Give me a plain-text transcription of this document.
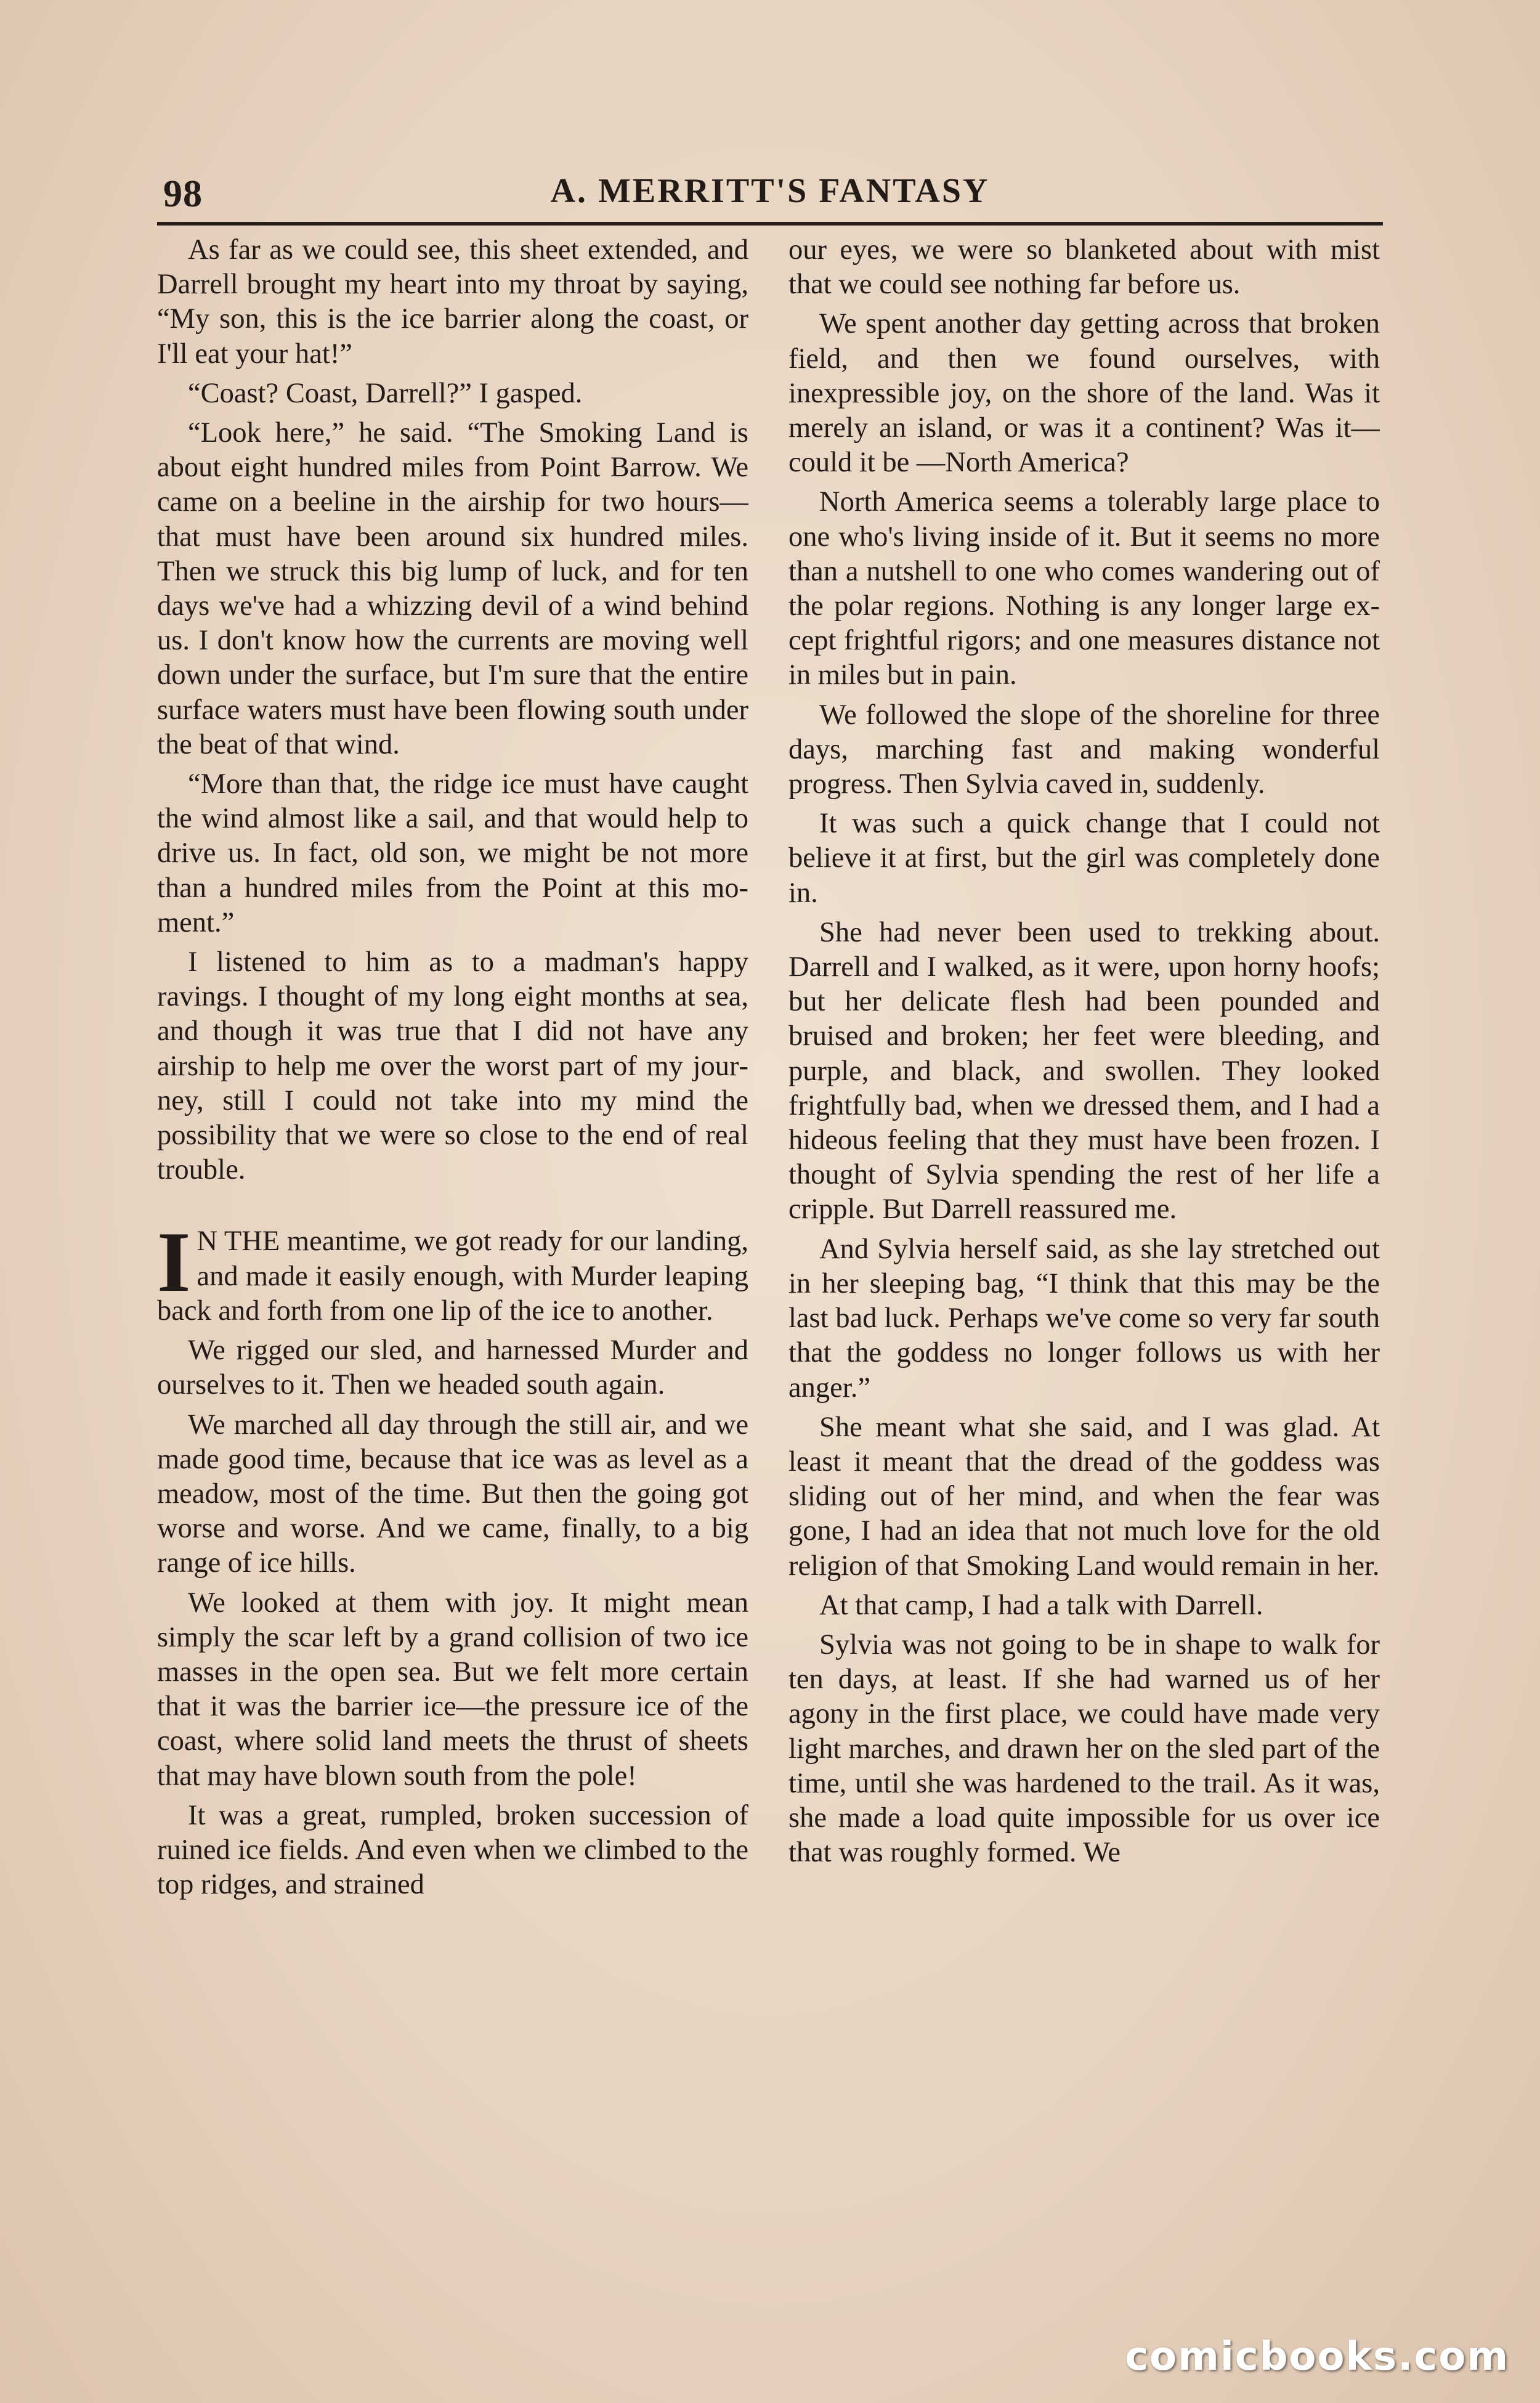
98	A. MERRITT'S FANTASY

As far as we could see, this sheet extended, and Darrell brought my heart into my throat by saying, “My son, this is the ice barrier along the coast, or I'll eat your hat!”

“Coast? Coast, Darrell?” I gasped.

“Look here,” he said. “The Smoking Land is about eight hundred miles from Point Barrow. We came on a beeline in the airship for two hours—that must have been around six hundred miles. Then we struck this big lump of luck, and for ten days we've had a whizzing devil of a wind behind us. I don't know how the currents are moving well down under the surface, but I'm sure that the entire surface waters must have been flowing south under the beat of that wind.

“More than that, the ridge ice must have caught the wind almost like a sail, and that would help to drive us. In fact, old son, we might be not more than a hundred miles from the Point at this moment.”

I listened to him as to a madman's happy ravings. I thought of my long eight months at sea, and though it was true that I did not have any airship to help me over the worst part of my journey, still I could not take into my mind the possibility that we were so close to the end of real trouble.

I N THE meantime, we got ready for our landing, and made it easily enough, with Murder leaping back and forth from one lip of the ice to another.

We rigged our sled, and harnessed Murder and ourselves to it. Then we headed south again.

We marched all day through the still air, and we made good time, because that ice was as level as a meadow, most of the time. But then the going got worse and worse. And we came, finally, to a big range of ice hills.

We looked at them with joy. It might mean simply the scar left by a grand collision of two ice masses in the open sea. But we felt more certain that it was the barrier ice—the pressure ice of the coast, where solid land meets the thrust of sheets that may have blown south from the pole!

It was a great, rumpled, broken succession of ruined ice fields. And even when we climbed to the top ridges, and strained

our eyes, we were so blanketed about with mist that we could see nothing far before us.

We spent another day getting across that broken field, and then we found ourselves, with inexpressible joy, on the shore of the land. Was it merely an island, or was it a continent? Was it—could it be —North America?

North America seems a tolerably large place to one who's living inside of it. But it seems no more than a nutshell to one who comes wandering out of the polar regions. Nothing is any longer large except frightful rigors; and one measures distance not in miles but in pain.

We followed the slope of the shoreline for three days, marching fast and making wonderful progress. Then Sylvia caved in, suddenly.

It was such a quick change that I could not believe it at first, but the girl was completely done in.

She had never been used to trekking about. Darrell and I walked, as it were, upon horny hoofs; but her delicate flesh had been pounded and bruised and broken; her feet were bleeding, and purple, and black, and swollen. They looked frightfully bad, when we dressed them, and I had a hideous feeling that they must have been frozen. I thought of Sylvia spending the rest of her life a cripple. But Darrell reassured me.

And Sylvia herself said, as she lay stretched out in her sleeping bag, “I think that this may be the last bad luck. Perhaps we've come so very far south that the goddess no longer follows us with her anger.”

She meant what she said, and I was glad. At least it meant that the dread of the goddess was sliding out of her mind, and when the fear was gone, I had an idea that not much love for the old religion of that Smoking Land would remain in her.

At that camp, I had a talk with Darrell.

Sylvia was not going to be in shape to walk for ten days, at least. If she had warned us of her agony in the first place, we could have made very light marches, and drawn her on the sled part of the time, until she was hardened to the trail. As it was, she made a load quite impossible for us over ice that was roughly formed. We

comicbooks.com
